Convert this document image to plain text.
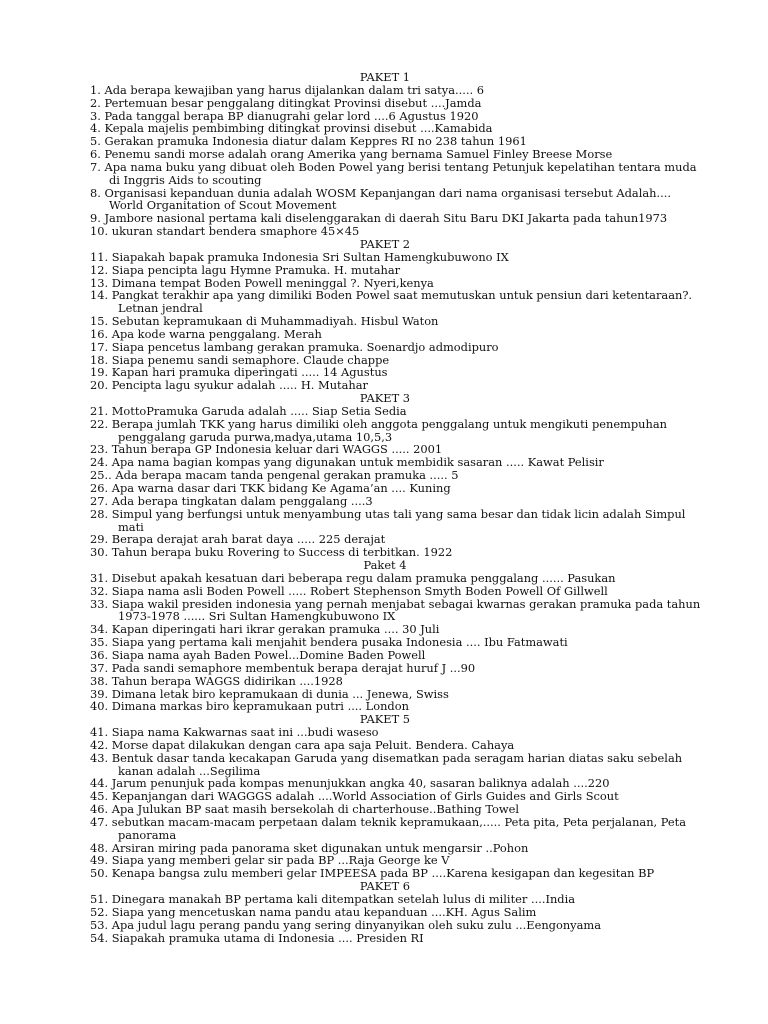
PAKET 1
1. Ada berapa kewajiban yang harus dijalankan dalam tri satya..... 6
2. Pertemuan besar penggalang ditingkat Provinsi disebut ....Jamda
3. Pada tanggal berapa BP dianugrahi gelar lord ....6 Agustus 1920
4. Kepala majelis pembimbing ditingkat provinsi disebut ....Kamabida
5. Gerakan pramuka Indonesia diatur dalam Keppres RI no 238 tahun 1961
6. Penemu sandi morse adalah orang Amerika yang bernama Samuel Finley Breese Morse
7. Apa nama buku yang dibuat oleh Boden Powel yang berisi tentang Petunjuk kepelatihan tentara muda
di Inggris Aids to scouting
8. Organisasi kepanduan dunia adalah WOSM Kepanjangan dari nama organisasi tersebut Adalah....
World Organitation of Scout Movement
9. Jambore nasional pertama kali diselenggarakan di daerah Situ Baru DKI Jakarta pada tahun1973
10. ukuran standart bendera smaphore 45×45
PAKET 2
11. Siapakah bapak pramuka Indonesia Sri Sultan Hamengkubuwono IX
12. Siapa pencipta lagu Hymne Pramuka. H. mutahar
13. Dimana tempat Boden Powell meninggal ?. Nyeri,kenya
14. Pangkat terakhir apa yang dimiliki Boden Powel saat memutuskan untuk pensiun dari ketentaraan?.
Letnan jendral
15. Sebutan kepramukaan di Muhammadiyah. Hisbul Waton
16. Apa kode warna penggalang. Merah
17. Siapa pencetus lambang gerakan pramuka. Soenardjo admodipuro
18. Siapa penemu sandi semaphore. Claude chappe
19. Kapan hari pramuka diperingati ..... 14 Agustus
20. Pencipta lagu syukur adalah ..... H. Mutahar
PAKET 3
21. MottoPramuka Garuda adalah ..... Siap Setia Sedia
22. Berapa jumlah TKK yang harus dimiliki oleh anggota penggalang untuk mengikuti penempuhan
penggalang garuda purwa,madya,utama 10,5,3
23. Tahun berapa GP Indonesia keluar dari WAGGS ..... 2001
24. Apa nama bagian kompas yang digunakan untuk membidik sasaran ..... Kawat Pelisir
25.. Ada berapa macam tanda pengenal gerakan pramuka ..... 5
26. Apa warna dasar dari TKK bidang Ke Agama’an .... Kuning
27. Ada berapa tingkatan dalam penggalang ....3
28. Simpul yang berfungsi untuk menyambung utas tali yang sama besar dan tidak licin adalah Simpul
mati
29. Berapa derajat arah barat daya ..... 225 derajat
30. Tahun berapa buku Rovering to Success di terbitkan. 1922
Paket 4
31. Disebut apakah kesatuan dari beberapa regu dalam pramuka penggalang ...... Pasukan
32. Siapa nama asli Boden Powell ..... Robert Stephenson Smyth Boden Powell Of Gillwell
33. Siapa wakil presiden indonesia yang pernah menjabat sebagai kwarnas gerakan pramuka pada tahun
1973-1978 ...... Sri Sultan Hamengkubuwono IX
34. Kapan diperingati hari ikrar gerakan pramuka .... 30 Juli
35. Siapa yang pertama kali menjahit bendera pusaka Indonesia .... Ibu Fatmawati
36. Siapa nama ayah Baden Powel...Domine Baden Powell
37. Pada sandi semaphore membentuk berapa derajat huruf J ...90
38. Tahun berapa WAGGS didirikan ....1928
39. Dimana letak biro kepramukaan di dunia ... Jenewa, Swiss
40. Dimana markas biro kepramukaan putri .... London
PAKET 5
41. Siapa nama Kakwarnas saat ini ...budi waseso
42. Morse dapat dilakukan dengan cara apa saja Peluit. Bendera. Cahaya
43. Bentuk dasar tanda kecakapan Garuda yang disematkan pada seragam harian diatas saku sebelah
kanan adalah ...Segilima
44. Jarum penunjuk pada kompas menunjukkan angka 40, sasaran baliknya adalah ....220
45. Kepanjangan dari WAGGGS adalah ....World Association of Girls Guides and Girls Scout
46. Apa Julukan BP saat masih bersekolah di charterhouse..Bathing Towel
47. sebutkan macam-macam perpetaan dalam teknik kepramukaan,..... Peta pita, Peta perjalanan, Peta
panorama
48. Arsiran miring pada panorama sket digunakan untuk mengarsir ..Pohon
49. Siapa yang memberi gelar sir pada BP ...Raja George ke V
50. Kenapa bangsa zulu memberi gelar IMPEESA pada BP ....Karena kesigapan dan kegesitan BP
PAKET 6
51. Dinegara manakah BP pertama kali ditempatkan setelah lulus di militer ....India
52. Siapa yang mencetuskan nama pandu atau kepanduan ....KH. Agus Salim
53. Apa judul lagu perang pandu yang sering dinyanyikan oleh suku zulu ...Eengonyama
54. Siapakah pramuka utama di Indonesia .... Presiden RI
